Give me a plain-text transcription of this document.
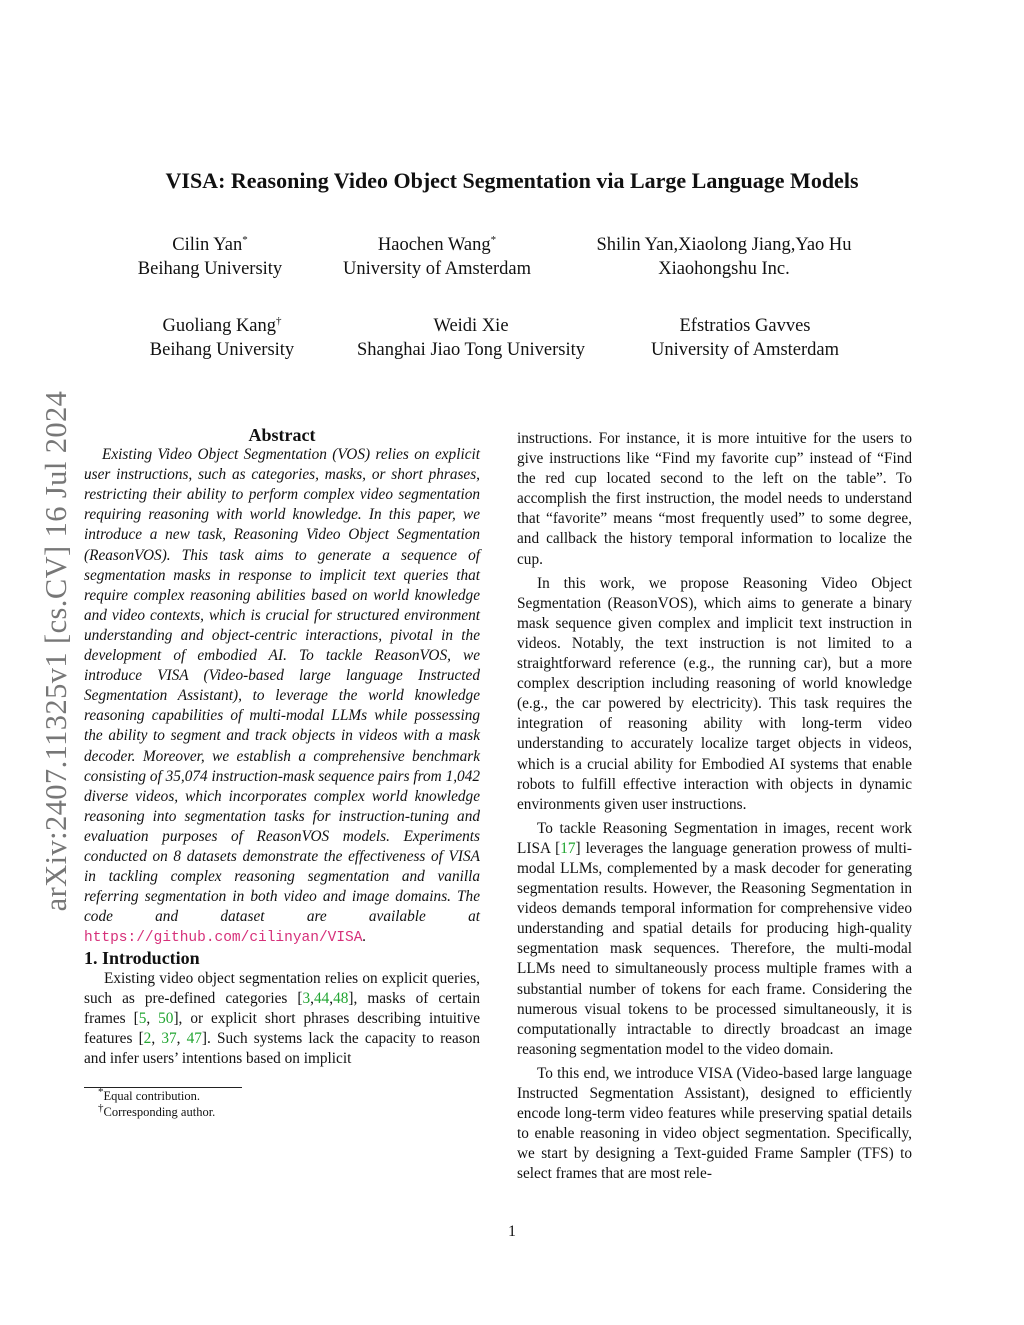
arXiv:2407.11325v1 [cs.CV] 16 Jul 2024
VISA: Reasoning Video Object Segmentation via Large Language Models
Cilin Yan*
Beihang University
Haochen Wang*
University of Amsterdam
Shilin Yan,Xiaolong Jiang,Yao Hu
Xiaohongshu Inc.
Guoliang Kang†
Beihang University
Weidi Xie
Shanghai Jiao Tong University
Efstratios Gavves
University of Amsterdam

Abstract

Existing Video Object Segmentation (VOS) relies on explicit user instructions, such as categories, masks, or short phrases, restricting their ability to perform complex video segmentation requiring reasoning with world knowledge. In this paper, we introduce a new task, Reasoning Video Object Segmentation (ReasonVOS). This task aims to generate a sequence of segmentation masks in response to implicit text queries that require complex reasoning abilities based on world knowledge and video contexts, which is crucial for structured environment understanding and object-centric interactions, pivotal in the development of embodied AI. To tackle ReasonVOS, we introduce VISA (Video-based large language Instructed Segmentation Assistant), to leverage the world knowledge reasoning capabilities of multi-modal LLMs while possessing the ability to segment and track objects in videos with a mask decoder. Moreover, we establish a comprehensive benchmark consisting of 35,074 instruction-mask sequence pairs from 1,042 diverse videos, which incorporates complex world knowledge reasoning into segmentation tasks for instruction-tuning and evaluation purposes of ReasonVOS models. Experiments conducted on 8 datasets demonstrate the effectiveness of VISA in tackling complex reasoning segmentation and vanilla referring segmentation in both video and image domains. The code and dataset are available at https://github.com/cilinyan/VISA.

1. Introduction

Existing video object segmentation relies on explicit queries, such as pre-defined categories [3,44,48], masks of certain frames [5, 50], or explicit short phrases describing intuitive features [2, 37, 47]. Such systems lack the capacity to reason and infer users’ intentions based on implicit

*Equal contribution.

†Corresponding author.

instructions. For instance, it is more intuitive for the users to give instructions like “Find my favorite cup” instead of “Find the red cup located second to the left on the table”. To accomplish the first instruction, the model needs to understand that “favorite” means “most frequently used” to some degree, and callback the history temporal information to localize the cup.

In this work, we propose Reasoning Video Object Segmentation (ReasonVOS), which aims to generate a binary mask sequence given complex and implicit text instruction in videos. Notably, the text instruction is not limited to a straightforward reference (e.g., the running car), but a more complex description including reasoning of world knowledge (e.g., the car powered by electricity). This task requires the integration of reasoning ability with long-term video understanding to accurately localize target objects in videos, which is a crucial ability for Embodied AI systems that enable robots to fulfill effective interaction with objects in dynamic environments given user instructions.

To tackle Reasoning Segmentation in images, recent work LISA [17] leverages the language generation prowess of multi-modal LLMs, complemented by a mask decoder for generating segmentation results. However, the Reasoning Segmentation in videos demands temporal information for comprehensive video understanding and spatial details for producing high-quality segmentation mask sequences. Therefore, the multi-modal LLMs need to simultaneously process multiple frames with a substantial number of tokens for each frame. Considering the numerous visual tokens to be processed simultaneously, it is computationally intractable to directly broadcast an image reasoning segmentation model to the video domain.

To this end, we introduce VISA (Video-based large language Instructed Segmentation Assistant), designed to efficiently encode long-term video features while preserving spatial details to enable reasoning in video object segmentation. Specifically, we start by designing a Text-guided Frame Sampler (TFS) to select frames that are most rele-

1
